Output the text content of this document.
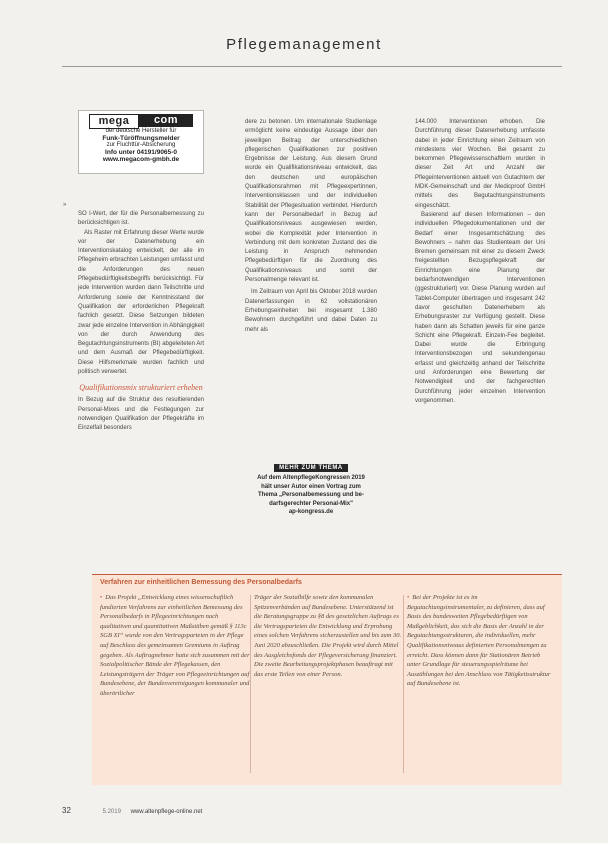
Pflegemanagement
mega	com
der deutsche Hersteller für
Funk-Türöffnungsmelder
zur Fluchttür-Absicherung
Info unter 04191/9065-0
www.megacom-gmbh.de
»

SO I-Wert, der für die Personalbemessung zu berücksichtigen ist.

Als Raster mit Erfahrung dieser Werte wurde vor der Datenerhebung ein Interventionskatalog entwickelt, der alle im Pflegeheim erbrachten Leistungen umfasst und die Anforderungen des neuen Pflegebedürftigkeitsbegriffs berücksichtigt. Für jede Intervention wurden dann Teilschritte und Anforderung sowie der Kenntnisstand der Qualifikation der erforderlichen Pflegekraft fachlich gesetzt. Diese Setzungen bildeten zwar jede einzelne Intervention in Abhängigkeit von der durch Anwendung des Begutachtungsinstruments (BI) abgeleiteten Art und dem Ausmaß der Pflegebedürftigkeit. Diese Hilfsmerkmale wurden fachlich und politisch verwertet.

Qualifikationsmix strukturiert erheben

In Bezug auf die Struktur des resultierenden Personal-Mixes und die Festlegungen zur notwendigen Qualifikation der Pflegekräfte im Einzelfall besonders

dere zu betonen. Um internationale Studienlage ermöglicht keine eindeutige Aussage über den jeweiligen Beitrag der unterschiedlichen pflegerischen Qualifikationen zur positiven Ergebnisse der Leistung. Aus diesem Grund wurde ein Qualifikationsniveau entwickelt, das den deutschen und europäischen Qualifikationsrahmen mit Pflegeexpertinnen, Interventionsklassen und der individuellen Stabilität der Pflegesituation verbindet. Hierdurch kann der Personalbedarf in Bezug auf Qualifikationsniveaus ausgewiesen werden, wobei die Komplexität jeder Intervention in Verbindung mit dem konkreten Zustand des die Leistung in Anspruch nehmenden Pflegebedürftigen für die Zuordnung des Qualifikationsniveaus und somit der Personalmenge relevant ist.

Im Zeitraum von April bis Oktober 2018 wurden Datenerfassungen in 62 vollstationären Erhebungseinheiten bei insgesamt 1.380 Bewohnern durchgeführt und dabei Daten zu mehr als

MEHR ZUM THEMA
Auf dem AltenpflegeKongressen 2019
hält unser Autor einen Vortrag zum
Thema „Personalbemessung und be-
darfsgerechter Personal-Mix"
ap-kongress.de

144.000 Interventionen erhoben. Die Durchführung dieser Datenerhebung umfasste dabei in jeder Einrichtung einen Zeitraum von mindestens vier Wochen. Bei gesamt zu bekommen Pflegewissenschaftlern wurden in dieser Zeit Art und Anzahl der Pflegeinterventionen aktuell von Gutachtern der MDK-Gemeinschaft und der Medicproof GmbH mittels des Begutachtungsinstruments eingeschätzt.

Basierend auf diesen Informationen – den individuellen Pflegedokumentationen und der Bedarf einer Insgesamtschätzung des Bewohners – nahm das Studienteam der Uni Bremen gemeinsam mit einer zu diesem Zweck freigestellten Bezugspflegekraft der Einrichtungen eine Planung der bedarfsnotwendigen Interventionen (ggestrukturiert) vor. Diese Planung wurden auf Tablet-Computer übertragen und insgesamt 242 davor geschulten Datenerhebern als Erhebungsraster zur Verfügung gestellt. Diese haben dann als Schatten jeweils für eine ganze Schicht eine Pflegekraft. Einzeln-Fee begleitet. Dabei wurde die Erbringung Interventionsbezogen und sekundengenau erfasst und gleichzeitig anhand der Teilschritte und Anforderungen eine Bewertung der Notwendigkeit und der fachgerechten Durchführung jeder einzelnen Intervention vorgenommen.

Verfahren zur einheitlichen Bemessung des Personalbedarfs
• Das Projekt „Entwicklung eines wissenschaftlich fundierten Verfahrens zur einheitlichen Bemessung des Personalbedarfs in Pflegeeinrichtungen nach qualitativen und quantitativen Maßstäben gemäß § 113c SGB XI“ wurde von den Vertragsparteien in der Pflege auf Beschluss des gemeinsamen Gremiums in Auftrag gegeben. Als Auftragnehmer hatte sich zusammen mit der Sozialpolitischer Bände der Pflegekassen, den Leistungsträgern der Träger von Pflegeeinrichtungen auf Bundesebene, der Bundesvereinigungen kommunaler und überörtlicher
Träger der Sozialhilfe sowie den kommunalen Spitzenverbänden auf Bundesebene. Unterstützend ist die Beratungsgruppe zu §8 des gesetzlichen Auftrags es die Vertragsparteien die Entwicklung und Erprobung eines solchen Verfahrens sicherzustellen und bis zum 30. Juni 2020 abzuschließen. Die Projekt wird durch Mittel des Ausgleichsfonds der Pflegeversicherung finanziert. Die zweite Bearbeitungsprojektphasen beauftragt mit das erste Teilen von einer Person.
• Bei der Projekte ist es im Begutachtungsinstrumentaler, zu definieren, dass auf Basis des bundesweiten Pflegebedürftigen von Maßgeblichkeit, das sich die Basis der Anzahl in der Begutachtungsstrukturen, die individuellen, mehr Qualifikationsniveaus definierten Personalmengen zu erreicht. Dass können dann für Stationären Betrieb unter Grundlage für steuerungsspielräume bei Auszählungen bei den Anschluss von Tätigkeitsstruktur auf Bundesebene ist.
32	5.2019 www.altenpflege-online.net
